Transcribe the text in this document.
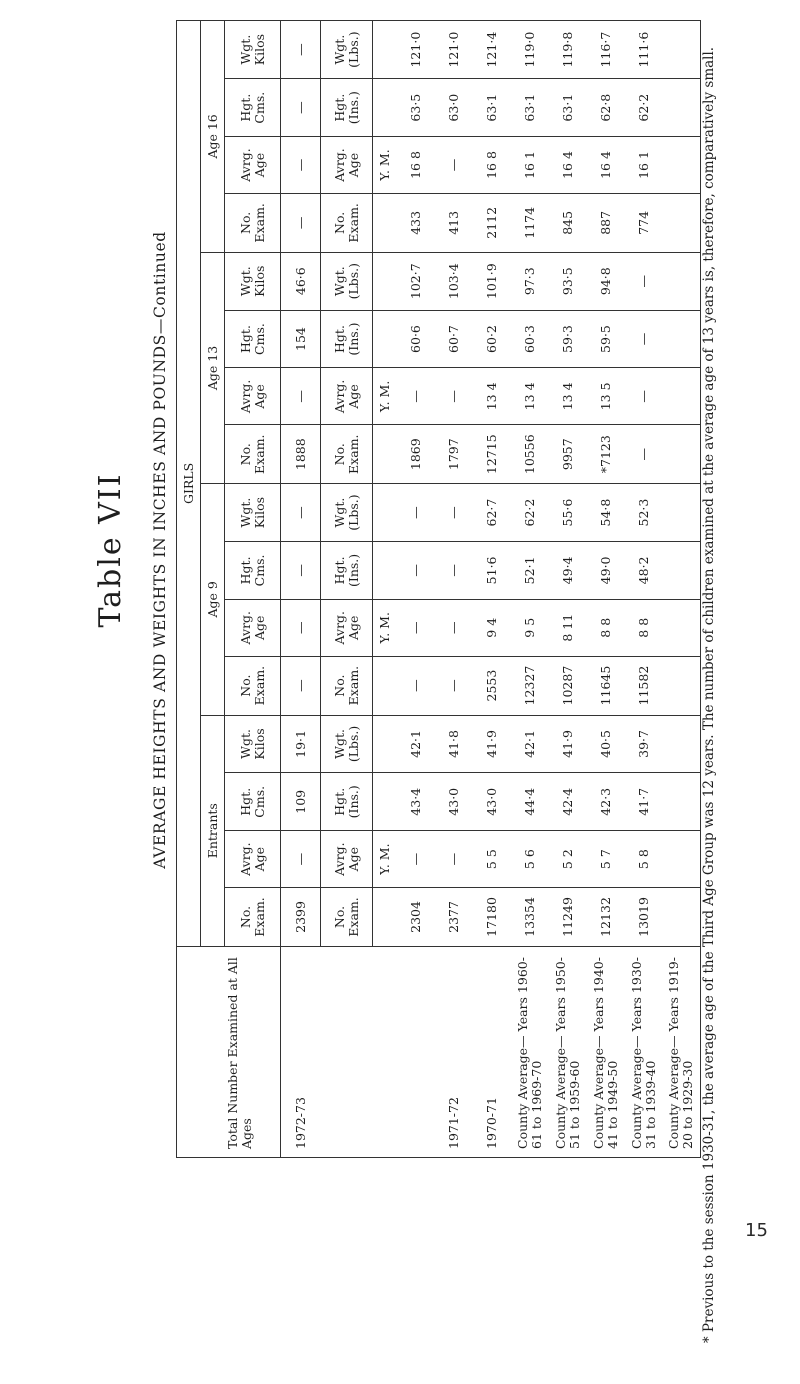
Table VII AVERAGE HEIGHTS AND WEIGHTS IN INCHES AND POUNDS—Continued
	GIRLS															
Total Number Examined at All Ages	Entrants				Age 9				Age 13				Age 16			
	No. Exam.	Avrg. Age	Hgt. Cms.	Wgt. Kilos	No. Exam.	Avrg. Age	Hgt. Cms.	Wgt. Kilos	No. Exam.	Avrg. Age	Hgt. Cms.	Wgt. Kilos	No. Exam.	Avrg. Age	Hgt. Cms.	Wgt. Kilos
1972-73	2399	—	109	19·1	—	—	—	—	1888	—	154	46·6	—	—	—	—
	No. Exam.	Avrg. Age	Hgt. (Ins.)	Wgt. (Lbs.)	No. Exam.	Avrg. Age	Hgt. (Ins.)	Wgt. (Lbs.)	No. Exam.	Avrg. Age	Hgt. (Ins.)	Wgt. (Lbs.)	No. Exam.	Avrg. Age	Hgt. (Ins.)	Wgt. (Lbs.)
		Y. M.				Y. M.				Y. M.				Y. M.		
	2304	—	43·4	42·1	—	—	—	—	1869	—	60·6	102·7	433	16 8	63·5	121·0
1971-72	2377	—	43·0	41·8	—	—	—	—	1797	—	60·7	103·4	413	—	63·0	121·0
1970-71	17180	5 5	43·0	41·9	2553	9 4	51·6	62·7	12715	13 4	60·2	101·9	2112	16 8	63·1	121·4
County Average— Years 1960-61 to 1969-70	13354	5 6	44·4	42·1	12327	9 5	52·1	62·2	10556	13 4	60·3	97·3	1174	16 1	63·1	119·0
County Average— Years 1950-51 to 1959-60	11249	5 2	42·4	41·9	10287	8 11	49·4	55·6	9957	13 4	59·3	93·5	845	16 4	63·1	119·8
County Average— Years 1940-41 to 1949-50	12132	5 7	42·3	40·5	11645	8 8	49·0	54·8	*7123	13 5	59·5	94·8	887	16 4	62·8	116·7
County Average— Years 1930-31 to 1939-40	13019	5 8	41·7	39·7	11582	8 8	48·2	52·3	—	—	—	—	774	16 1	62·2	111·6
County Average— Years 1919-20 to 1929-30																* Previous to the session 1930-31, the average age of the Third Age Group was 12 years. The number of children examined at the average age of 13 years is, therefore, comparatively small.	15
